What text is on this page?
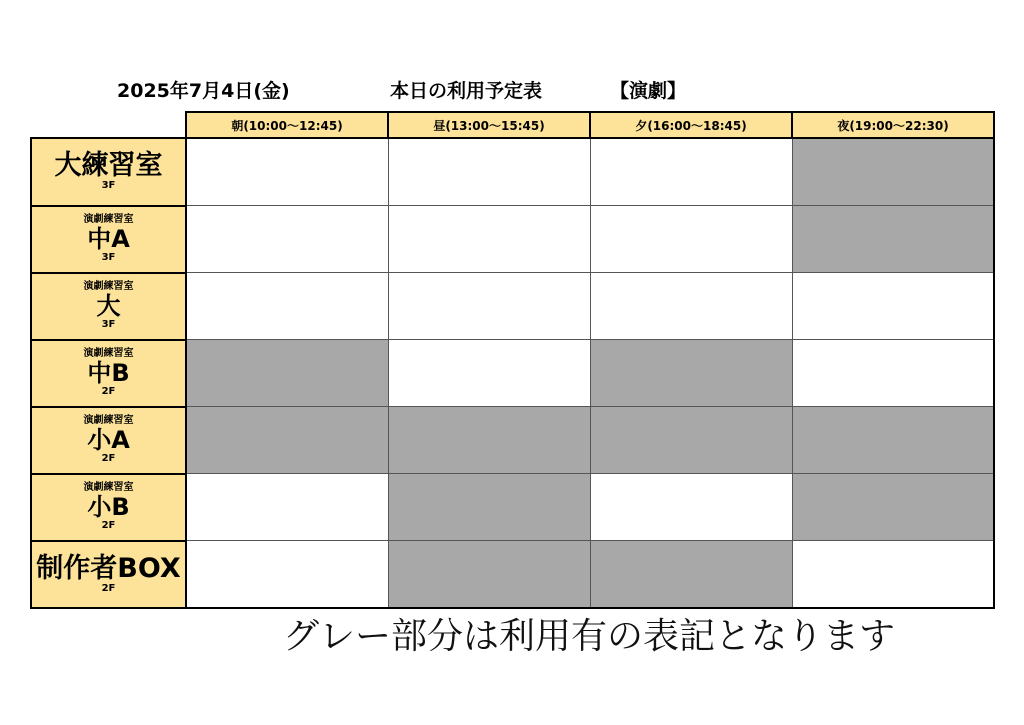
2025年7月4日(金)	本日の利用予定表	【演劇】
	朝(10:00〜12:45)	昼(13:00〜15:45)	夕(16:00〜18:45)	夜(19:00〜22:30)

大練習室
3F				

演劇練習室
中A
3F				

演劇練習室
大
3F				

演劇練習室
中B
2F				

演劇練習室
小A
2F				

演劇練習室
小B
2F				

制作者BOX
2F				

グレー部分は利用有の表記となります
